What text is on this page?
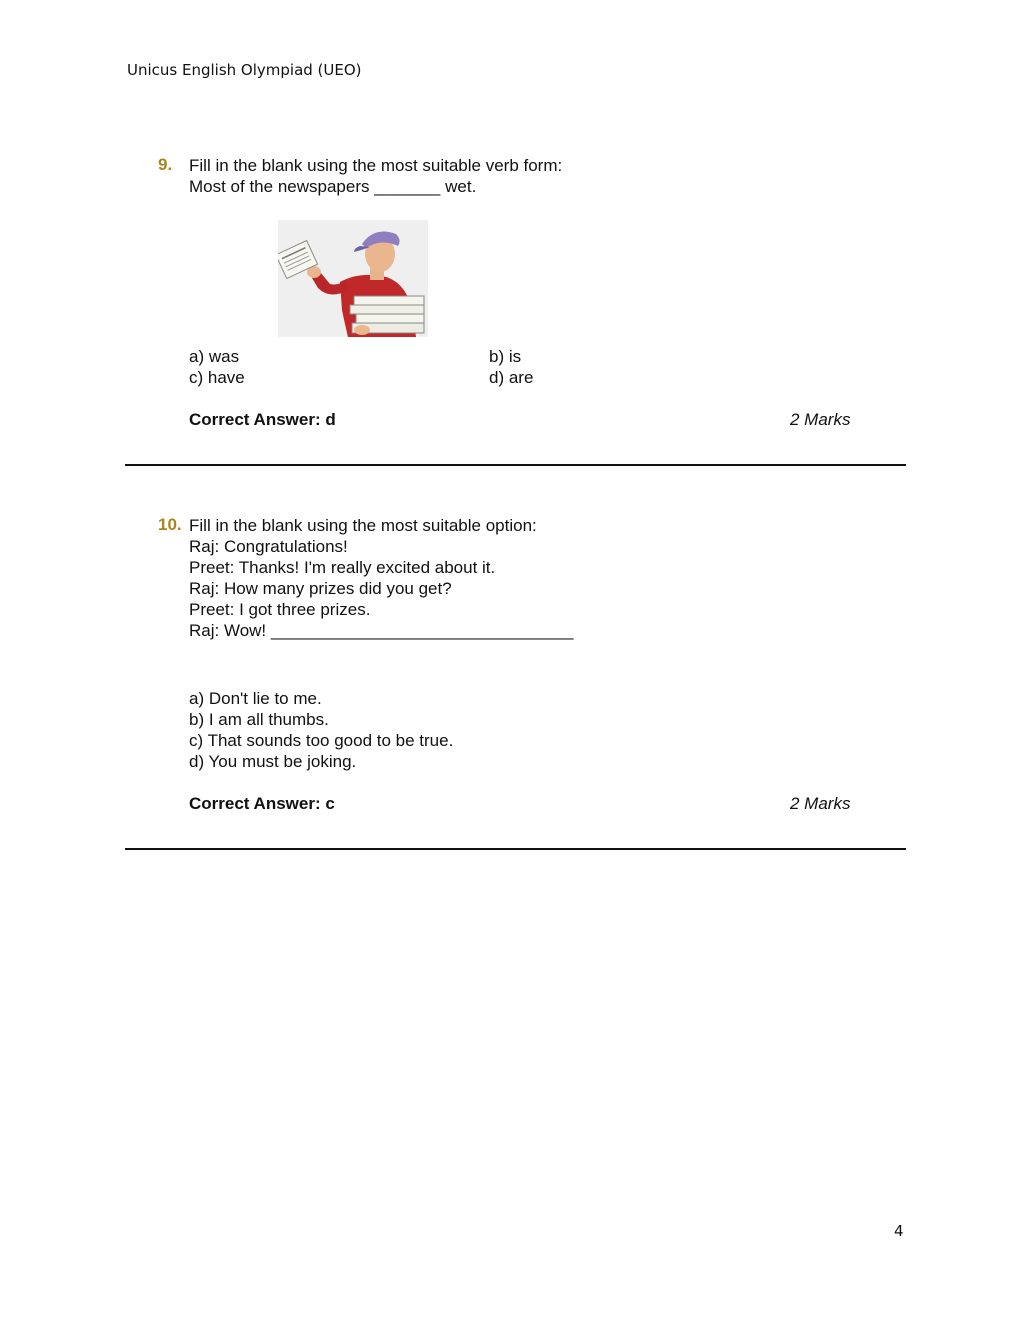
Unicus English Olympiad (UEO)
9. Fill in the blank using the most suitable verb form:
Most of the newspapers _______ wet.
a) was	b) is
c) have	d) are
Correct Answer: d	2 Marks
10. Fill in the blank using the most suitable option:
Raj: Congratulations!
Preet: Thanks! I'm really excited about it.
Raj: How many prizes did you get?
Preet: I got three prizes.
Raj: Wow! ________________________________
a) Don't lie to me.
b) I am all thumbs.
c) That sounds too good to be true.
d) You must be joking.
Correct Answer: c	2 Marks
4
